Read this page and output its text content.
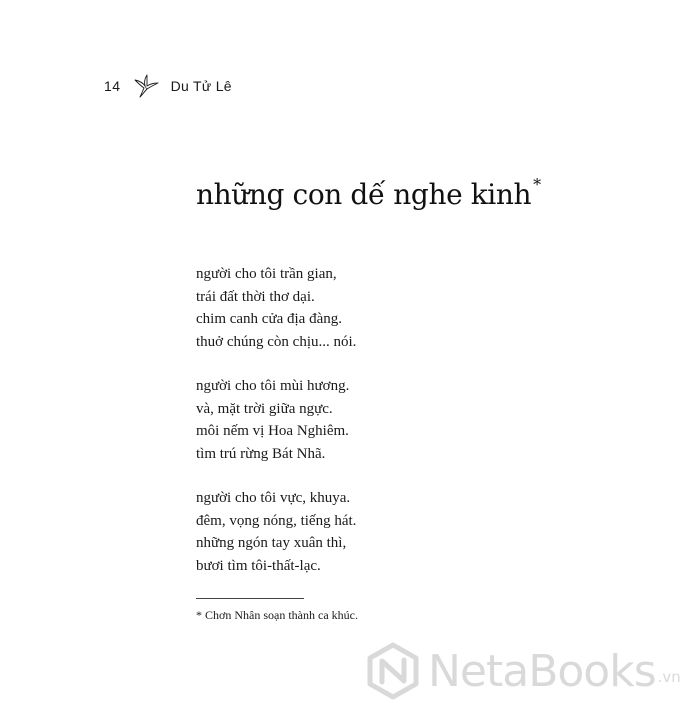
14	Du Tử Lê
những con dế nghe kinh *
người cho tôi trần gian,
trái đất thời thơ dại.
chim canh cửa địa đàng.
thuở chúng còn chịu... nói.
người cho tôi mùi hương.
và, mặt trời giữa ngực.
môi nếm vị Hoa Nghiêm.
tìm trú rừng Bát Nhã.
người cho tôi vực, khuya.
đêm, vọng nóng, tiếng hát.
những ngón tay xuân thì,
bươi tìm tôi-thất-lạc.
* Chơn Nhân soạn thành ca khúc.
NetaBooks .vn
